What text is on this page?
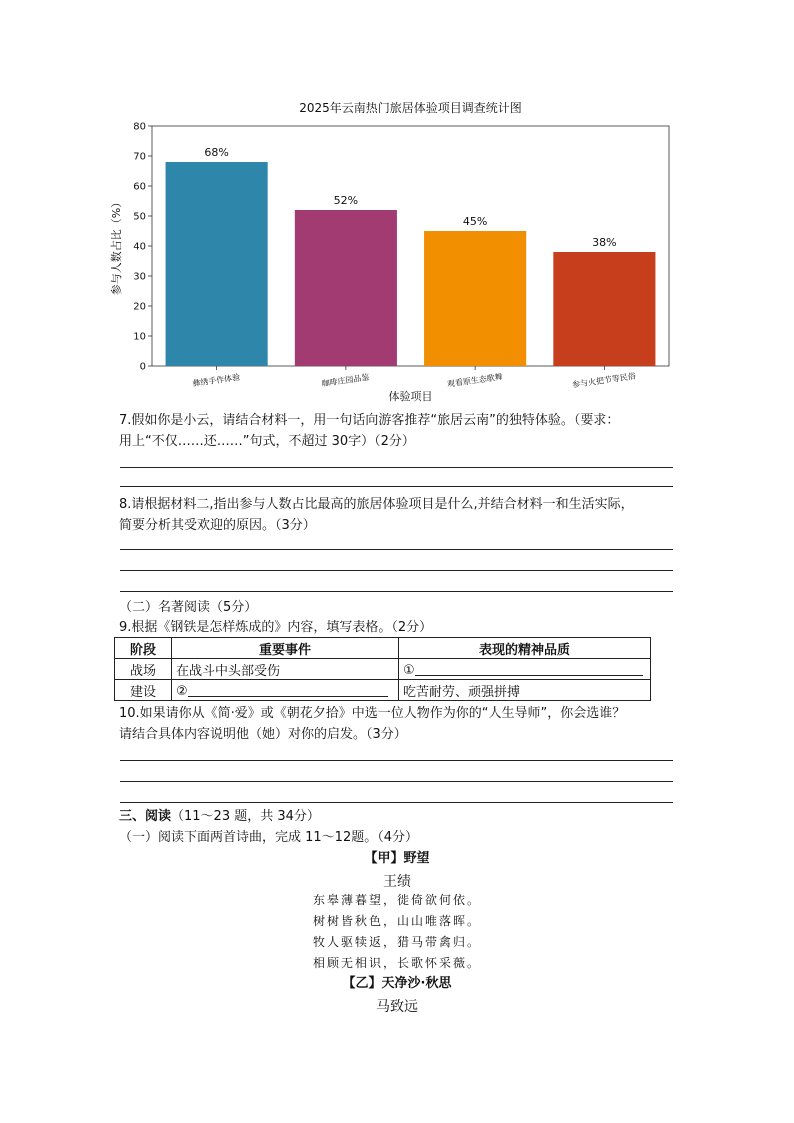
2025年云南热门旅居体验项目调查统计图
0
10
20
30
40
50
60
70
80
参与人数占比（%）
68%
彝绣手作体验
52%
咖啡庄园品鉴
45%
观看原生态歌舞
38%
参与火把节等民俗
体验项目
7.假如你是小云，请结合材料一，用一句话向游客推荐“旅居云南”的独特体验。（要求：
用上“不仅……还……”句式，不超过 30字）（2分）
8.请根据材料二,指出参与人数占比最高的旅居体验项目是什么,并结合材料一和生活实际，
简要分析其受欢迎的原因。（3分）
（二）名著阅读（5分）
9.根据《钢铁是怎样炼成的》内容，填写表格。（2分）
阶段	重要事件	表现的精神品质
战场	在战斗中头部受伤	①
建设	②	吃苦耐劳、顽强拼搏
10.如果请你从《简·爱》或《朝花夕拾》中选一位人物作为你的“人生导师”，你会选谁？
请结合具体内容说明他（她）对你的启发。（3分）
三、阅读（11～23 题，共 34分）
（一）阅读下面两首诗曲，完成 11～12题。（4分）
【甲】野望
王绩
东皋薄暮望，徙倚欲何依。
树树皆秋色，山山唯落晖。
牧人驱犊返，猎马带禽归。
相顾无相识，长歌怀采薇。
【乙】天净沙·秋思
马致远
